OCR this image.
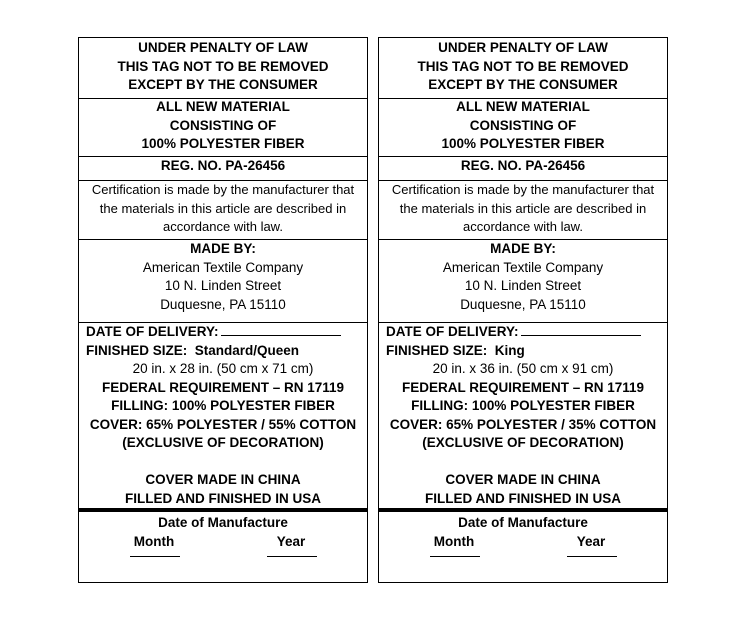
UNDER PENALTY OF LAW
THIS TAG NOT TO BE REMOVED
EXCEPT BY THE CONSUMER
ALL NEW MATERIAL
CONSISTING OF
100% POLYESTER FIBER
REG. NO. PA-26456
Certification is made by the manufacturer that
the materials in this article are described in
accordance with law.
MADE BY:
American Textile Company
10 N. Linden Street
Duquesne, PA 15110
DATE OF DELIVERY:
FINISHED SIZE: Standard/Queen
20 in. x 28 in. (50 cm x 71 cm)
FEDERAL REQUIREMENT – RN 17119
FILLING: 100% POLYESTER FIBER
COVER: 65% POLYESTER / 55% COTTON
(EXCLUSIVE OF DECORATION)
COVER MADE IN CHINA
FILLED AND FINISHED IN USA
Date of Manufacture
Month	Year
UNDER PENALTY OF LAW
THIS TAG NOT TO BE REMOVED
EXCEPT BY THE CONSUMER
ALL NEW MATERIAL
CONSISTING OF
100% POLYESTER FIBER
REG. NO. PA-26456
Certification is made by the manufacturer that
the materials in this article are described in
accordance with law.
MADE BY:
American Textile Company
10 N. Linden Street
Duquesne, PA 15110
DATE OF DELIVERY:
FINISHED SIZE: King
20 in. x 36 in. (50 cm x 91 cm)
FEDERAL REQUIREMENT – RN 17119
FILLING: 100% POLYESTER FIBER
COVER: 65% POLYESTER / 35% COTTON
(EXCLUSIVE OF DECORATION)
COVER MADE IN CHINA
FILLED AND FINISHED IN USA
Date of Manufacture
Month	Year
